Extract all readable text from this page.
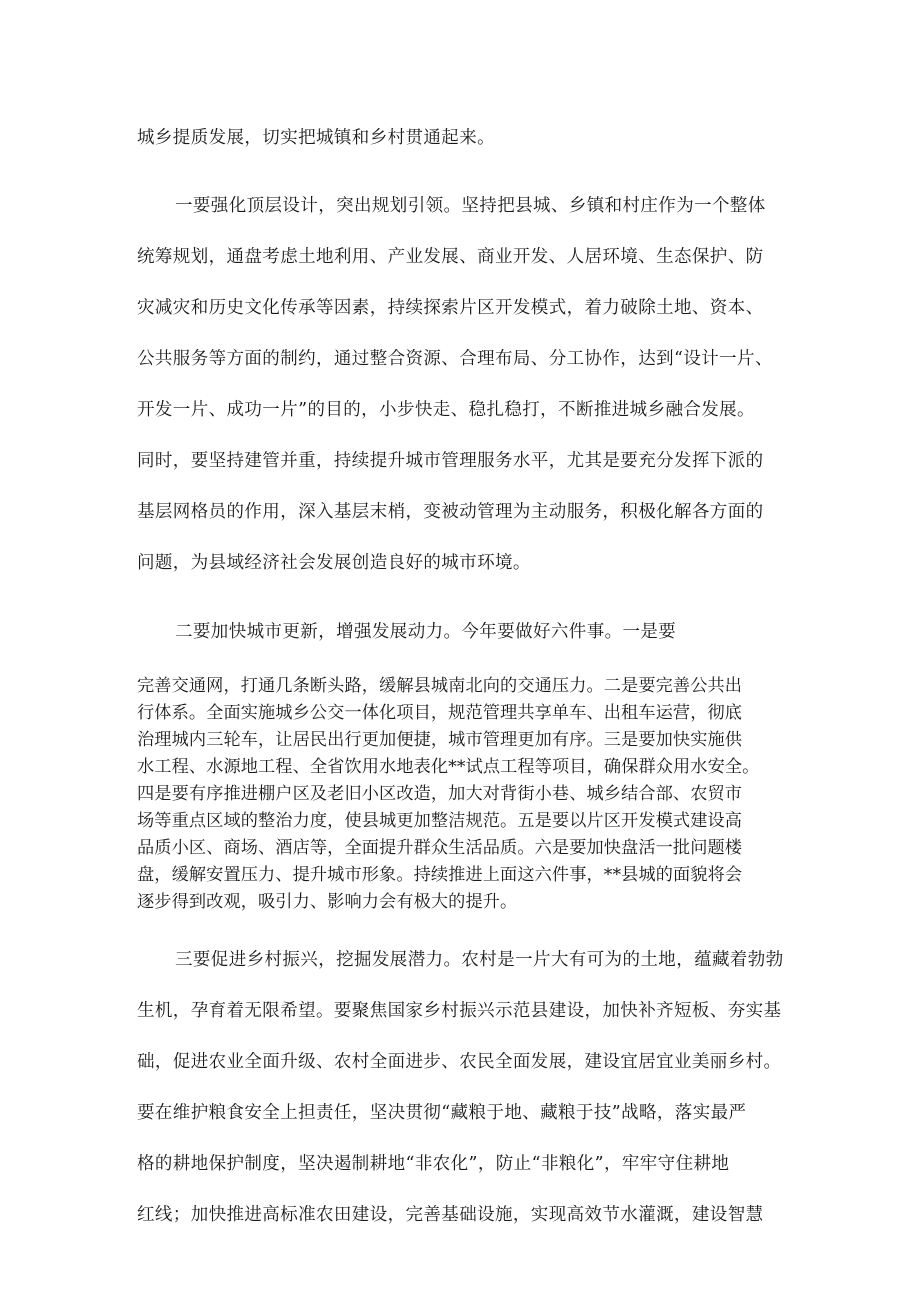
城乡提质发展，切实把城镇和乡村贯通起来。
一要强化顶层设计，突出规划引领。坚持把县城、乡镇和村庄作为一个整体
统筹规划，通盘考虑土地利用、产业发展、商业开发、人居环境、生态保护、防
灾减灾和历史文化传承等因素，持续探索片区开发模式，着力破除土地、资本、
公共服务等方面的制约，通过整合资源、合理布局、分工协作，达到“设计一片、
开发一片、成功一片”的目的，小步快走、稳扎稳打，不断推进城乡融合发展。
同时，要坚持建管并重，持续提升城市管理服务水平，尤其是要充分发挥下派的
基层网格员的作用，深入基层末梢，变被动管理为主动服务，积极化解各方面的
问题，为县域经济社会发展创造良好的城市环境。
二要加快城市更新，增强发展动力。今年要做好六件事。一是要
完善交通网，打通几条断头路，缓解县城南北向的交通压力。二是要完善公共出
行体系。全面实施城乡公交一体化项目，规范管理共享单车、出租车运营，彻底
治理城内三轮车，让居民出行更加便捷，城市管理更加有序。三是要加快实施供
水工程、水源地工程、全省饮用水地表化**试点工程等项目，确保群众用水安全。
四是要有序推进棚户区及老旧小区改造，加大对背街小巷、城乡结合部、农贸市
场等重点区域的整治力度，使县城更加整洁规范。五是要以片区开发模式建设高
品质小区、商场、酒店等，全面提升群众生活品质。六是要加快盘活一批问题楼
盘，缓解安置压力、提升城市形象。持续推进上面这六件事，**县城的面貌将会
逐步得到改观，吸引力、影响力会有极大的提升。
三要促进乡村振兴，挖掘发展潜力。农村是一片大有可为的土地，蕴藏着勃勃
生机，孕育着无限希望。要聚焦国家乡村振兴示范县建设，加快补齐短板、夯实基
础，促进农业全面升级、农村全面进步、农民全面发展，建设宜居宜业美丽乡村。
要在维护粮食安全上担责任，坚决贯彻“藏粮于地、藏粮于技”战略，落实最严
格的耕地保护制度，坚决遏制耕地“非农化”，防止“非粮化”，牢牢守住耕地
红线；加快推进高标准农田建设，完善基础设施，实现高效节水灌溉，建设智慧
